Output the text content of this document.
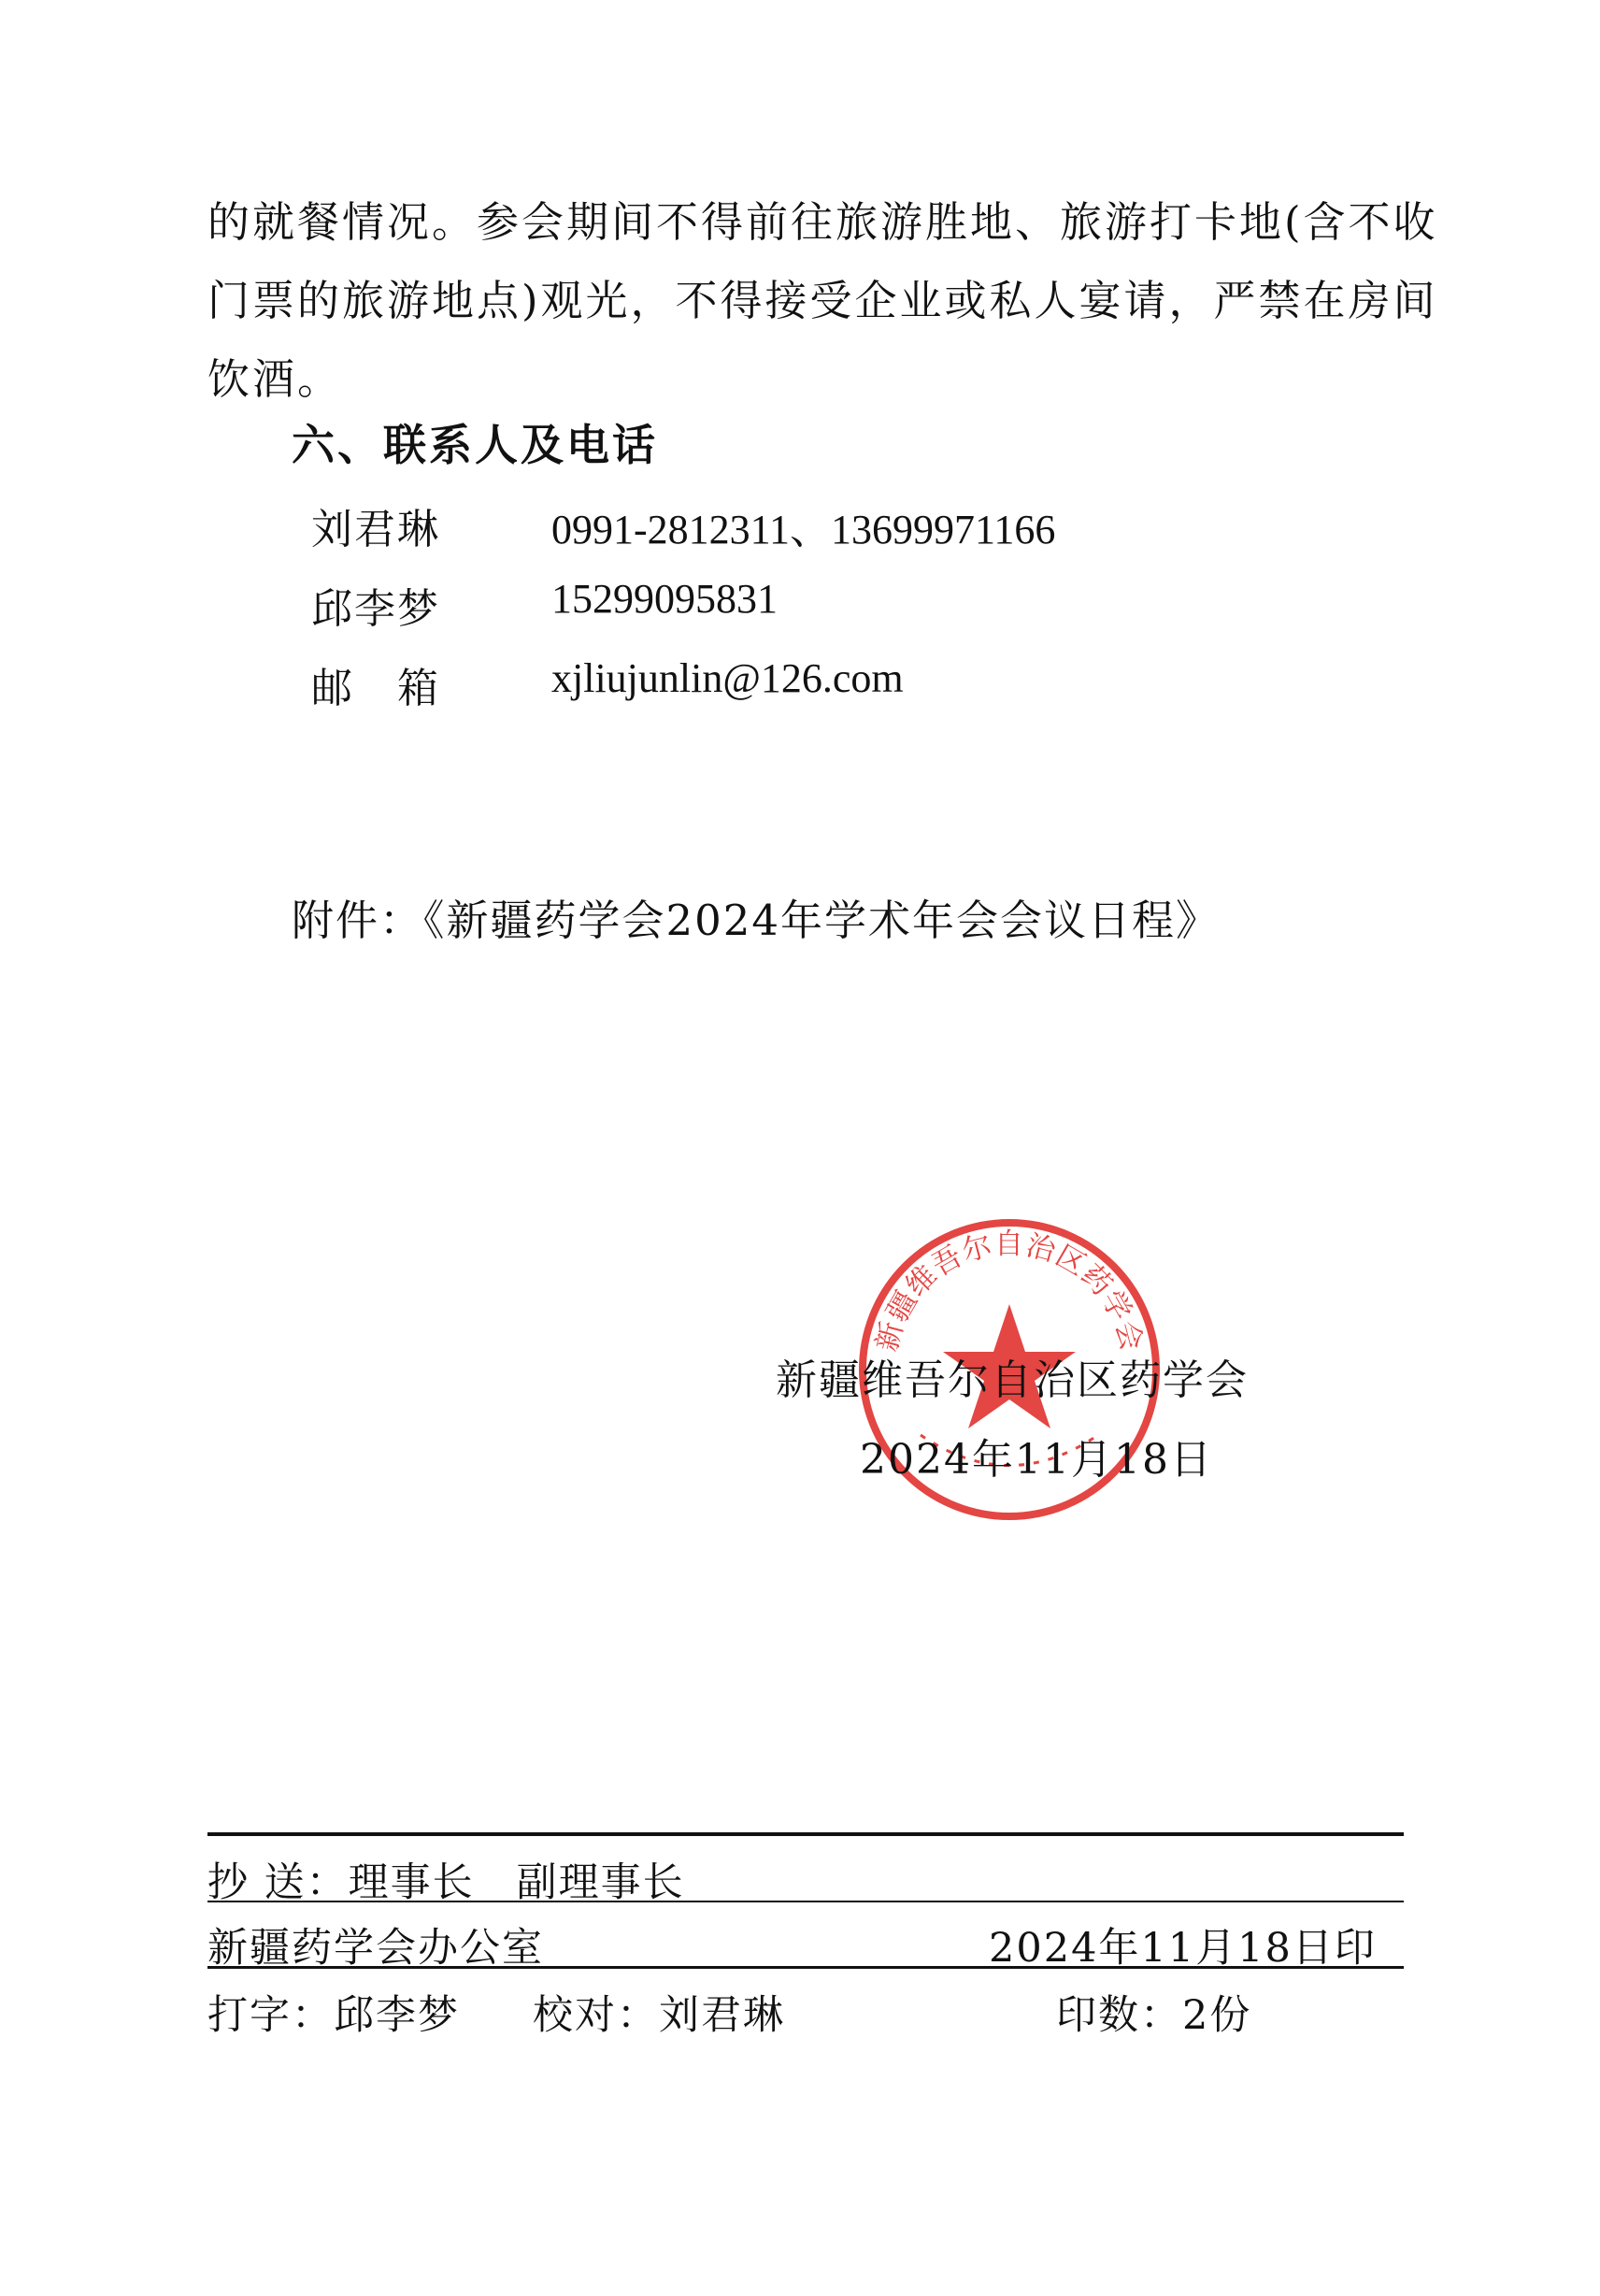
的就餐情况。参会期间不得前往旅游胜地、旅游打卡地(含不收
门票的旅游地点)观光，不得接受企业或私人宴请，严禁在房间
饮酒。
六、联系人及电话
刘君琳	0991-2812311、13699971166
邱李梦	15299095831
邮　箱	xjliujunlin@126.com
附件：《新疆药学会2024年学术年会会议日程》
新疆维吾尔自治区药学会
新疆维吾尔自治区药学会
2024年11月18日
抄 送：理事长　副理事长
新疆药学会办公室	2024年11月18日印
打字：邱李梦 校对：刘君琳	印数：2份
